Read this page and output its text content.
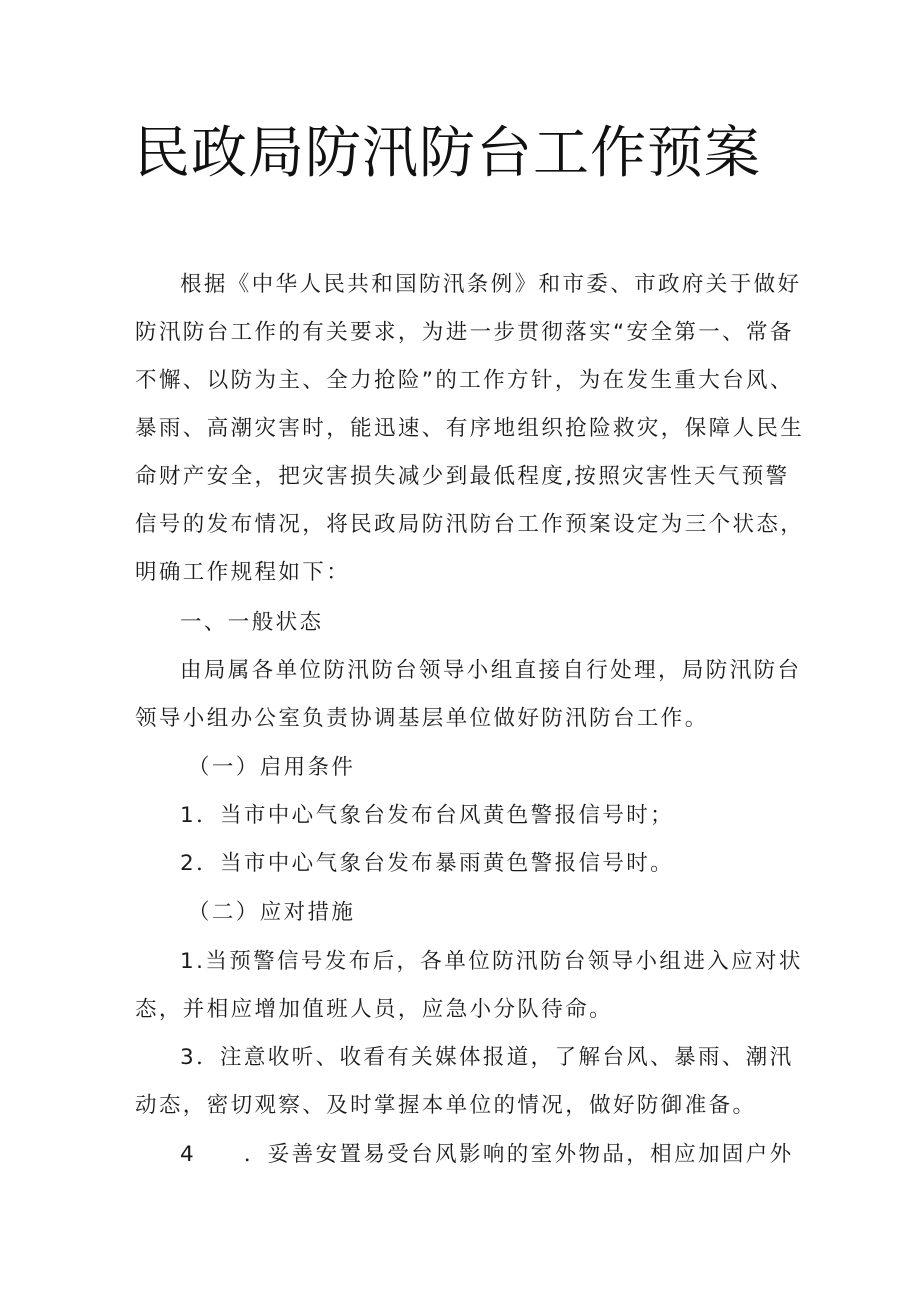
民政局防汛防台工作预案

根据《中华人民共和国防汛条例》和市委、市政府关于做好

防汛防台工作的有关要求，为进一步贯彻落实“安全第一、常备

不懈、以防为主、全力抢险”的工作方针，为在发生重大台风、

暴雨、高潮灾害时，能迅速、有序地组织抢险救灾，保障人民生

命财产安全，把灾害损失减少到最低程度,按照灾害性天气预警

信号的发布情况，将民政局防汛防台工作预案设定为三个状态，

明确工作规程如下：

一、一般状态

由局属各单位防汛防台领导小组直接自行处理，局防汛防台

领导小组办公室负责协调基层单位做好防汛防台工作。

（一）启用条件

1．当市中心气象台发布台风黄色警报信号时；

2．当市中心气象台发布暴雨黄色警报信号时。

（二）应对措施

1.当预警信号发布后，各单位防汛防台领导小组进入应对状

态，并相应增加值班人员，应急小分队待命。

3．注意收听、收看有关媒体报道，了解台风、暴雨、潮汛

动态，密切观察、及时掌握本单位的情况，做好防御准备。

4　　．妥善安置易受台风影响的室外物品，相应加固户外
